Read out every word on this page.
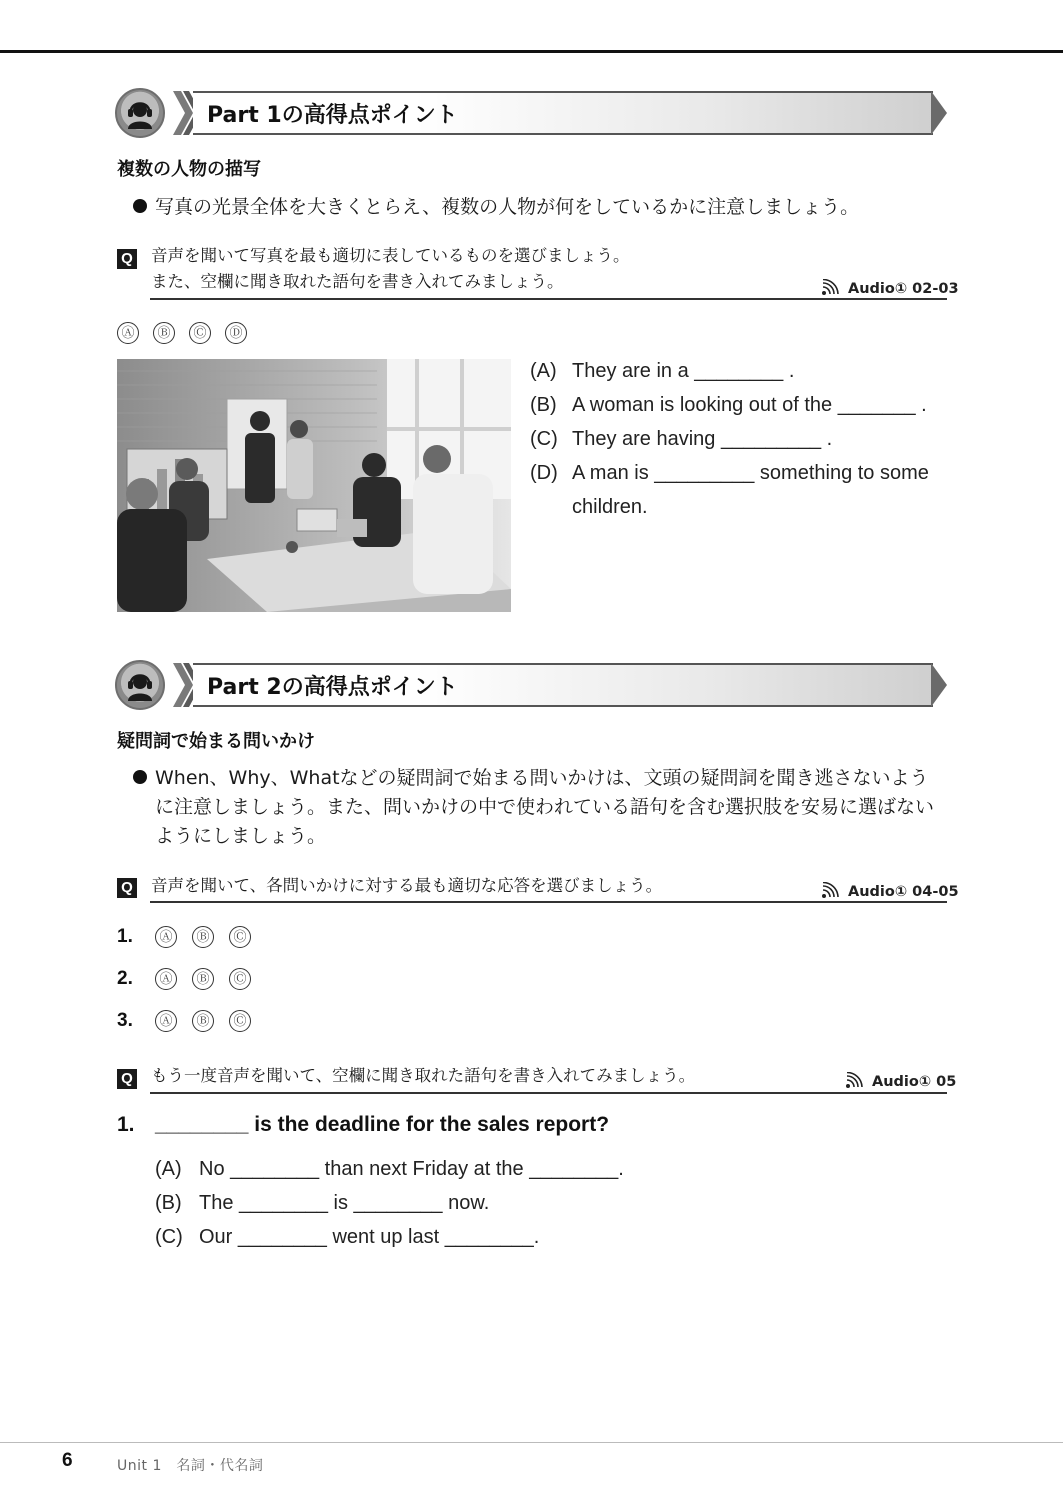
Part 1の高得点ポイント
複数の人物の描写
写真の光景全体を大きくとらえ、複数の人物が何をしているかに注意しましょう。
Q 音声を聞いて写真を最も適切に表しているものを選びましょう。
また、空欄に聞き取れた語句を書き入れてみましょう。	Audio① 02-03
Ⓐ Ⓑ Ⓒ Ⓓ
(A) They are in a ________ .
(B) A woman is looking out of the _______ .
(C) They are having _________ .
(D) A man is _________ something to some children.
Part 2の高得点ポイント
疑問詞で始まる問いかけ
When、Why、Whatなどの疑問詞で始まる問いかけは、文頭の疑問詞を聞き逃さないように注意しましょう。また、問いかけの中で使われている語句を含む選択肢を安易に選ばないようにしましょう。
Q 音声を聞いて、各問いかけに対する最も適切な応答を選びましょう。	Audio① 04-05
1. Ⓐ Ⓑ Ⓒ
2. Ⓐ Ⓑ Ⓒ
3. Ⓐ Ⓑ Ⓒ
Q もう一度音声を聞いて、空欄に聞き取れた語句を書き入れてみましょう。	Audio① 05
1. ________ is the deadline for the sales report?
(A) No ________ than next Friday at the ________.
(B) The ________ is ________ now.
(C) Our ________ went up last ________.
6	Unit 1　名詞・代名詞
